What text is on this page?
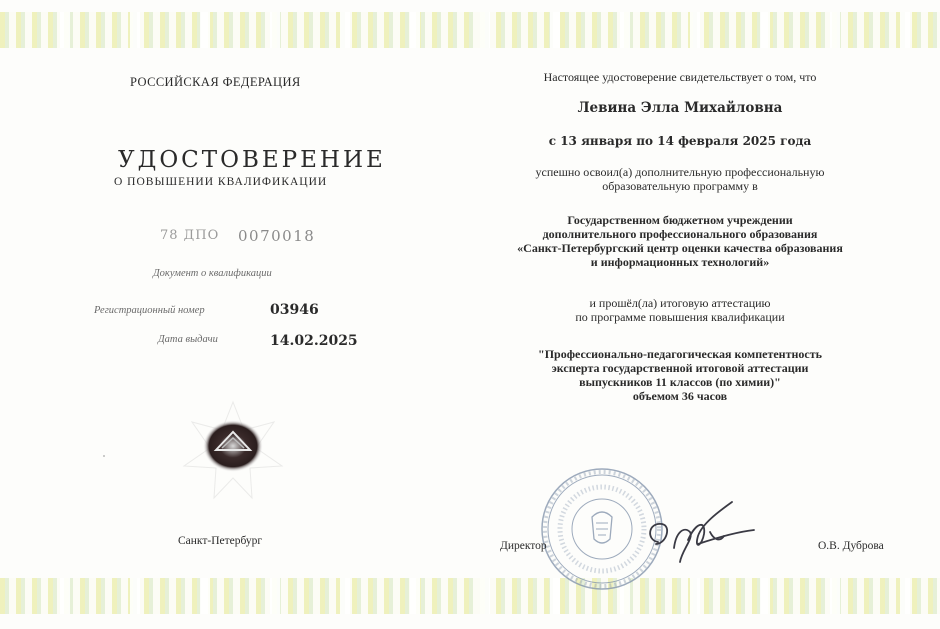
РОССИЙСКАЯ ФЕДЕРАЦИЯ
УДОСТОВЕРЕНИЕ
О ПОВЫШЕНИИ КВАЛИФИКАЦИИ
78 ДПО 0070018
Документ о квалификации
Регистрационный номер	03946
Дата выдачи	14.02.2025
Санкт-Петербург
Настоящее удостоверение свидетельствует о том, что
Левина Элла Михайловна
с 13 января по 14 февраля 2025 года
успешно освоил(а) дополнительную профессиональную
образовательную программу в
Государственном бюджетном учреждении
дополнительного профессионального образования
«Санкт-Петербургский центр оценки качества образования
и информационных технологий»
и прошёл(ла) итоговую аттестацию
по программе повышения квалификации
"Профессионально-педагогическая компетентность
эксперта государственной итоговой аттестации
выпускников 11 классов (по химии)"
объемом 36 часов
Директор	О.В. Дуброва
